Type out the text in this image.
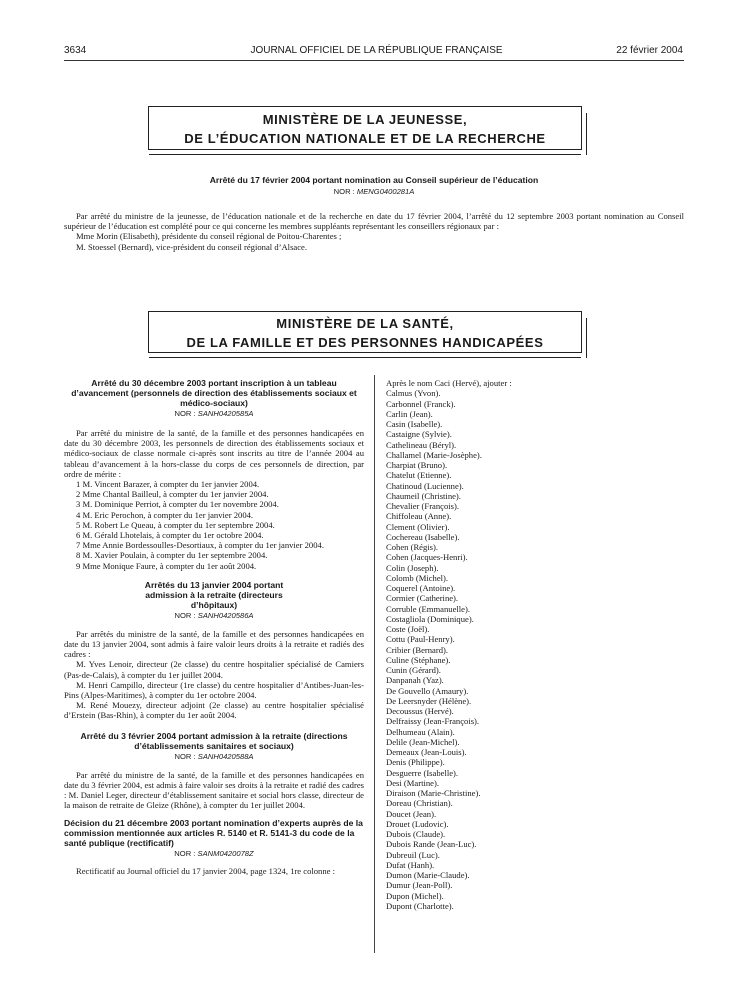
3634	JOURNAL OFFICIEL DE LA RÉPUBLIQUE FRANÇAISE	22 février 2004
MINISTÈRE DE LA JEUNESSE,
DE L’ÉDUCATION NATIONALE ET DE LA RECHERCHE
Arrêté du 17 février 2004 portant nomination au Conseil supérieur de l’éducation
NOR : MENG0400281A

Par arrêté du ministre de la jeunesse, de l’éducation nationale et de la recherche en date du 17 février 2004, l’arrêté du 12 septembre 2003 portant nomination au Conseil supérieur de l’éducation est complété pour ce qui concerne les membres suppléants représentant les conseillers régionaux par :

Mme Morin (Elisabeth), présidente du conseil régional de Poitou-Charentes ;

M. Stoessel (Bernard), vice-président du conseil régional d’Alsace.

MINISTÈRE DE LA SANTÉ,
DE LA FAMILLE ET DES PERSONNES HANDICAPÉES
Arrêté du 30 décembre 2003 portant inscription à un tableau d’avancement (personnels de direction des établissements sociaux et médico-sociaux)
NOR : SANH0420585A

Par arrêté du ministre de la santé, de la famille et des personnes handicapées en date du 30 décembre 2003, les personnels de direction des établissements sociaux et médico-sociaux de classe normale ci-après sont inscrits au titre de l’année 2004 au tableau d’avancement à la hors-classe du corps de ces personnels de direction, par ordre de mérite :

1 M. Vincent Barazer, à compter du 1er janvier 2004.
2 Mme Chantal Bailleul, à compter du 1er janvier 2004.
3 M. Dominique Perriot, à compter du 1er novembre 2004.
4 M. Eric Perochon, à compter du 1er janvier 2004.
5 M. Robert Le Queau, à compter du 1er septembre 2004.
6 M. Gérald Lhotelais, à compter du 1er octobre 2004.
7 Mme Annie Bordessoulles-Desortiaux, à compter du 1er janvier 2004.
8 M. Xavier Poulain, à compter du 1er septembre 2004.
9 Mme Monique Faure, à compter du 1er août 2004.
Arrêtés du 13 janvier 2004 portant admission à la retraite (directeurs d’hôpitaux)
NOR : SANH0420586A

Par arrêtés du ministre de la santé, de la famille et des personnes handicapées en date du 13 janvier 2004, sont admis à faire valoir leurs droits à la retraite et radiés des cadres :

M. Yves Lenoir, directeur (2e classe) du centre hospitalier spécialisé de Camiers (Pas-de-Calais), à compter du 1er juillet 2004.

M. Henri Campillo, directeur (1re classe) du centre hospitalier d’Antibes-Juan-les-Pins (Alpes-Maritimes), à compter du 1er octobre 2004.

M. René Mouezy, directeur adjoint (2e classe) au centre hospitalier spécialisé d’Erstein (Bas-Rhin), à compter du 1er août 2004.

Arrêté du 3 février 2004 portant admission à la retraite (directions d’établissements sanitaires et sociaux)
NOR : SANH0420588A

Par arrêté du ministre de la santé, de la famille et des personnes handicapées en date du 3 février 2004, est admis à faire valoir ses droits à la retraite et radié des cadres : M. Daniel Leger, directeur d’établissement sanitaire et social hors classe, directeur de la maison de retraite de Gleize (Rhône), à compter du 1er juillet 2004.

Décision du 21 décembre 2003 portant nomination d’experts auprès de la commission mentionnée aux articles R. 5140 et R. 5141-3 du code de la santé publique (rectificatif)
NOR : SANM0420078Z

Rectificatif au Journal officiel du 17 janvier 2004, page 1324, 1re colonne :

Après le nom Caci (Hervé), ajouter :
Calmus (Yvon).
Carbonnel (Franck).
Carlin (Jean).
Casin (Isabelle).
Castaigne (Sylvie).
Cathelineau (Béryl).
Challamel (Marie-Josèphe).
Charpiat (Bruno).
Chatelut (Etienne).
Chatinoud (Lucienne).
Chaumeil (Christine).
Chevalier (François).
Chiffoleau (Anne).
Clement (Olivier).
Cochereau (Isabelle).
Cohen (Régis).
Cohen (Jacques-Henri).
Colin (Joseph).
Colomb (Michel).
Coquerel (Antoine).
Cormier (Catherine).
Corruble (Emmanuelle).
Costagliola (Dominique).
Coste (Joël).
Cottu (Paul-Henry).
Cribier (Bernard).
Culine (Stéphane).
Cunin (Gérard).
Danpanah (Yaz).
De Gouvello (Amaury).
De Leersnyder (Hélène).
Decoussus (Hervé).
Delfraissy (Jean-François).
Delhumeau (Alain).
Delile (Jean-Michel).
Demeaux (Jean-Louis).
Denis (Philippe).
Desguerre (Isabelle).
Desi (Martine).
Diraison (Marie-Christine).
Doreau (Christian).
Doucet (Jean).
Drouet (Ludovic).
Dubois (Claude).
Dubois Rande (Jean-Luc).
Dubreuil (Luc).
Dufat (Hanh).
Dumon (Marie-Claude).
Dumur (Jean-Poll).
Dupon (Michel).
Dupont (Charlotte).
